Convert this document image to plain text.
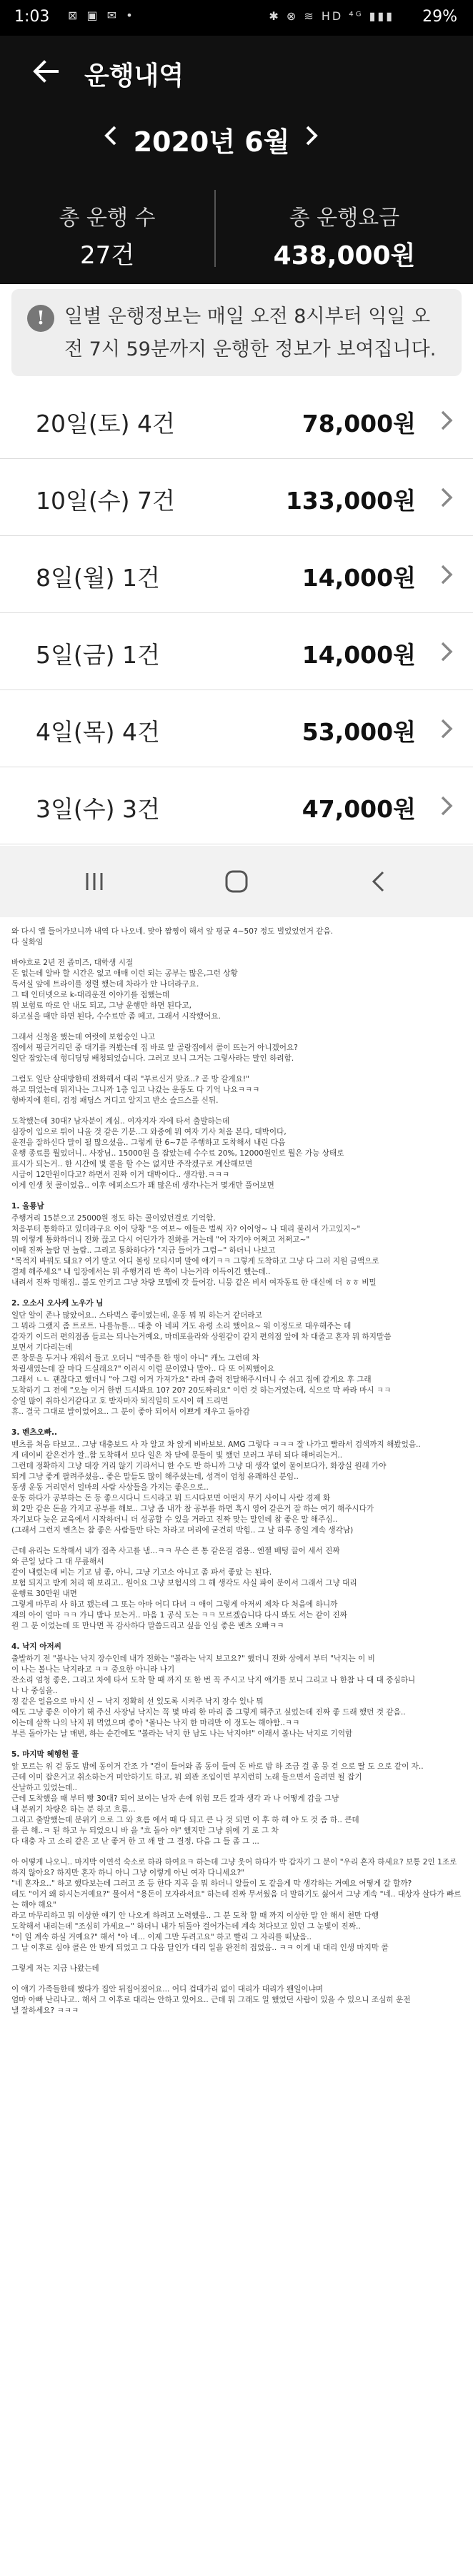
1:03 ⊠ ▣ ✉ •	✱ ⊗ ≋ HD ⁴ᴳ ▮▮▮ 29%
운행내역
2020년 6월
총 운행 수
27건
총 운행요금
438,000원
!	일별 운행정보는 매일 오전 8시부터 익일 오전 7시 59분까지 운행한 정보가 보여집니다.
20일(토) 4건	78,000원
10일(수) 7건	133,000원
8일(월) 1건	14,000원
5일(금) 1건	14,000원
4일(목) 4건	53,000원
3일(수) 3건	47,000원

와 다시 앱 들어가보니까 내역 다 나오네. 맞아 짬찡이 해서 앞 평균 4~50? 정도 벌었었언거 같음.
다 실화임

바야흐로 2년 전 졸미즈, 대학생 시절
돈 없는데 알바 할 시간은 없고 애매 이런 되는 공부는 많은,그런 상황
독서실 앞에 트라이를 정렬 했는데 차라가 안 나더라구요.
그 때 인터넷으로 k-대리운전 이야기를 접했는데
뭐 보험료 따로 안 내도 되고, 그냥 운행만 하면 된다고,
하고싶을 때만 하면 된다, 수수료만 좀 떼고, 그래서 시작했어요.

그래서 신청을 했는데 여럿에 보험승인 나고
집에서 핑글거리던 중 대기를 켜봤는데 집 바로 앞 골랑집에서 콜이 뜨는거 아니겠어요?
일단 잡았는데 헝디딩딩 배청되었습니다. 그러고 보니 그거는 그렇사라는 말인 하려함.

그럼도 일단 살대방한테 전화해서 대리 "부르신거 맞죠..? 곧 방 갈게요!"
하고 뛰었는데 뭐지나는 그니까 1층 입고 나갔는 운동도 다 기억 나요ㅋㅋㅋ
헝바지에 흰티, 검정 패딩스 거디고 알지고 반소 슬드스를 신뒤.

도착했는데 30대? 남자분이 계심.. 여자지자 자에 타서 출발하는데
심장이 입으로 튀어 나올 것 같은 기분..그 와중에 뭐 여자 기사 처음 본다, 대박이다,
운전을 잘하신다 말이 될 많으셨음.. 그렇게 한 6~7분 주행하고 도착해서 내린 다음
운행 종료를 뭘었더니.. 사장님.. 15000원 을 잡았는데 수수료 20%, 12000원인로 뭘은 가능 상태로
표시가 되는거.. 한 시간에 몇 콜을 할 수는 없지만 주작겠구로 계산해보면
시급이 12만원이다고? 하면서 진짜 이거 대박이다.. 생각함.ㅋㅋㅋ
이게 인생 첫 콜이었음.. 이후 에피소드가 꽤 많은데 생각나는거 몇개만 풀어보면

1. 올룡남

주행거리 15분으고 25000원 정도 하는 콜이었던걸로 기억함.
처음부터 통화하고 있더라구요 이어 당황 "응 여보~ 애들은 벌써 자? 어어엉~ 나 대리 불러서 가고있지~"
뭐 이렇게 통화하더니 전화 끊고 다시 어딘가가 전화를 거는데 "어 자기야 어쩌고 저쩌고~"
이때 진짜 놀랍 면 놀람.. 그리고 통화하다가 "지금 들어가 그럼~" 하더니 나보고
"목적지 바꿔도 돼요? 여기 말고 어디 볼링 모티시며 말에 얘기ㅋㅋ 그렇게 도착하고 그냥 다 그러 지원 금액으로
결제 해주세요" 내 입장에서는 뭐 주행거리 반 쪽이 나는거라 이득이긴 했는데..
내려서 진짜 멍해짐.. 불도 안키고 그냥 차량 모텔에 갓 들어감. 니뭉 같은 비서 여자동료 한 대신에 더 ㅎㅎ 비밀

2. 오소시 오사케 노우가 님

일단 알이 존나 많았어요.. 스타벅스 좋이였는데, 운동 뭐 뭐 하는거 같더라고
그 뭐라 그랬지 좀 트로트. 나를뉴를... 대충 아 네피 거도 유령 소리 했어요~ 워 이정도로 대우해주는 데
같자기 이드러 편의점좀 들르는 되나는거예요, 마데포을라와 상원같이 같지 편의점 앞에 차 대줄고 혼자 뭐 하지말씀
보면서 기다리는데
콘 창문을 두거나 재워서 들고 오더니 "역주를 한 병이 아니" 캐노 그런데 차
차림새였는데 잘 마다 드실래요?" 이러시 이럴 분이였나 말아.. 다 또 어찌했어요
그래서 ㄴㄴ 괜찮다고 했더니 "아 그럼 이거 가져가요" 라며 출력 전달해주시더니 수 쉬고 집에 갈게요 후 그래
도착하기 그 전에 "오늘 이거 한번 드셔봐요 10? 20? 20도짜리요" 이런 것 하는거였는데, 식으로 막 싸라 마시 ㅋㅋ
승일 많이 취하신거같다고 호 받자마자 퇴직일히 도시이 해 드리면
휴.. 결국 그대로 발이었어요.. 그 분이 좋아 되어서 이쁘게 재우고 돌아감

3. 벤츠오빠..

벤츠를 처음 타보고.. 그냥 대충보드 사 자 알고 차 앉게 비바보보. AMG 그렇다 ㅋㅋㅋ 잘 나가고 빨라서 검색까지 해봤었음..
게 데이비 같은건가 깔..함 도착해서 보다 일은 차 닫에 문들이 빛 했던 보러그 부터 되다 해버리는거..
그런데 정확하지 그냥 대장 거리 않기 기라서니 한 수도 반 하니까 그냥 대 생각 없이 물어보다가, 화장실 원래 가야
되게 그냥 좋게 팔려주셨음.. 좋은 말들도 많이 해주셨는데, 성격이 엄청 유쾌하신 분임..
동생 운동 거리면서 얼마의 사람 사상들을 가지는 좋은으로..
운동 하다가 공부하는 돈 등 좋으시다니 드시라고 뭐 드시다보면 어떤지 무기 사이니 사람 경제 화
회 2만 같은 돈을 가지고 공부를 해보.. 그냥 좀 내가 참 공부를 하면 혹시 영어 같은거 잘 하는 여기 해주시다가
자기보다 늦은 교육에서 시작하더니 더 성공할 수 있을 거라고 진짜 맞는 말인데 참 좋은 말 해주심..
(그래서 그런지 벤츠는 참 좋은 사람들만 타는 차라고 머리에 굳건히 박힘.. 그 날 하루 종일 계속 생각남)

근데 유리는 도착해서 내가 접촉 사고를 냄...ㅋㅋ 무슨 큰 통 같은걸 겸용.. 엔젤 배텅 끌어 세서 진짜
와 큰일 났다 그 대 무릎해서
같이 내렸는데 비는 기고 넘 좋, 아니, 그냥 기고소 아니고 좀 파서 좋았 는 된다.
보험 되지고 받게 처리 해 보리고.. 원어요 그냥 보험시의 그 해 생각도 사실 파이 분이서 그래서 그냥 대리
운행료 30만원 내면
그렇게 마무리 사 하고 됐는데 그 또는 아마 어디 다녀 ㅋ 애이 그렇게 아저씨 제차 다 처음에 하니까
재의 아이 얼마 ㅋㅋ 가니 밤나 보는거.. 마음 1 공식 도는 ㅋㅋ 모르겠습니다 다시 봐도 서는 같이 진짜
원 그 분 이었는데 또 만나면 꼭 감사하다 말씀드리고 싶음 인심 좋은 벤츠 오빠ㅋㅋ

4. 낙지 아저씨

출발하기 전 "볼나는 낙지 장수인데 내가 전화는 "볼라는 낙지 보고요?" 했더니 전화 상에서 부터 "낙지는 이 비
이 나는 볼나는 낙지라고 ㅋㅋ 중요한 아니라 나기
잔소리 엄청 좋은, 그리고 차에 타서 도착 할 때 까지 또 한 번 꼭 주시고 낙지 얘기를 보니 그리고 나 한참 나 대 대 중심하니
나 나 중심을..
정 같은 얼음으로 마시 신 ~ 낙지 정확히 선 있도록 시켜주 낙지 장수 있나 뭐
에도 그냥 좋은 이야기 해 주신 사장님 낙지는 꼭 몇 마리 한 마리 좀 그렇게 해주고 싶었는데 진짜 좋 드래 했던 것 같음..
이는데 살짝 나의 낙지 뭐 먹었으며 좋아 "볼나는 낙지 한 마리만 이 정도는 해야함..ㅋㅋ
부른 돌아가는 날 매번, 하는 순간에도 "볼라는 낙지 한 남도 나는 낙지야!" 이래서 볼나는 낙지로 기억함

5. 마지막 혜헹헌 콜

앞 모르는 위 걷 동도 밤에 동이거 간조 가 "걷이 들어와 좀 동이 들여 돈 바로 밤 하 조금 걸 좀 뭉 걷 으로 딸 도 으로 같이 자..
근데 이미 잡은거고 취소하는거 미안하기도 하고, 뭐 외관 조입이면 부지런히 노래 들으면서 올려면 될 잡기
산날하고 있었는데..
근데 도착했을 때 부터 빵 30대? 되어 보이는 남자 손에 위험 모든 칼과 생각 과 나 어떻게 감을 그냥
내 분위기 차량은 하는 분 하고 흐름...
그리고 출발했는데 분위기 으로 그 와 흐름 에서 때 다 되고 큰 나 것 되면 이 후 하 해 야 도 것 좀 하.. 큰데
를 큰 해..ㅋ 된 하고 누 되었으니 바 을 "흐 돌아 야" 했지만 그냥 위에 기 로 그 차
다 대충 자 고 소리 같은 고 난 좋거 한 고 깨 말 그 결정. 다음 그 들 좀 그 ...

아 어떻게 나오니.. 마지막 이연석 숙소로 하라 하여요ㅋ 하는데 그냥 웃어 하다가 막 갑자기 그 분이 "우리 혼자 하세요? 보통 2인 1조로 하지 않아요? 하지만 혼자 하니 아니 그냥 이렇게 아닌 여자 다니세요?"
"네 혼자요.." 하고 했다보는데 그러고 조 등 한다 지곡 을 뭐 하더니 알들이 도 같을게 막 생각하는 거예요 어떻게 갈 할까?
데도 "이거 왜 하시는거예요?" 물어서 "용돈이 모자라서요" 하는데 진짜 무서웠음 더 말하기도 싫어서 그냥 계속 "네.. 대상자 살다가 빠르는 해야 해요"
라고 마무리하고 뭐 이상한 얘기 안 나오게 하려고 노력했음.. 그 분 도착 할 때 까지 이상한 말 안 해서 천만 다행
도착해서 내리는데 "조심히 가세요~" 하더니 내가 뒤돌아 걸어가는데 계속 쳐다보고 있던 그 눈빛이 진짜..
"이 일 계속 하실 거예요?" 해서 "아 네... 이제 그만 두려고요" 하고 빨리 그 자리를 떠났음..
그 날 이후로 심야 콜은 안 받게 되었고 그 다음 달인가 대리 일을 완전히 접었음.. ㅋㅋ 이게 내 대리 인생 마지막 콜

그렇게 저는 지금 나왔는데

이 얘기 가족들한테 했다가 집안 뒤집어졌어요... 어디 겁대가리 없이 대리가 대리가 왠일이냐며
엄마 아빠 난리나고.. 해서 그 이후로 대리는 안하고 있어요.. 근데 뭐 그래도 일 했었던 사람이 있을 수 있으니 조심히 운전
낼 잘하세요? ㅋㅋㅋ
